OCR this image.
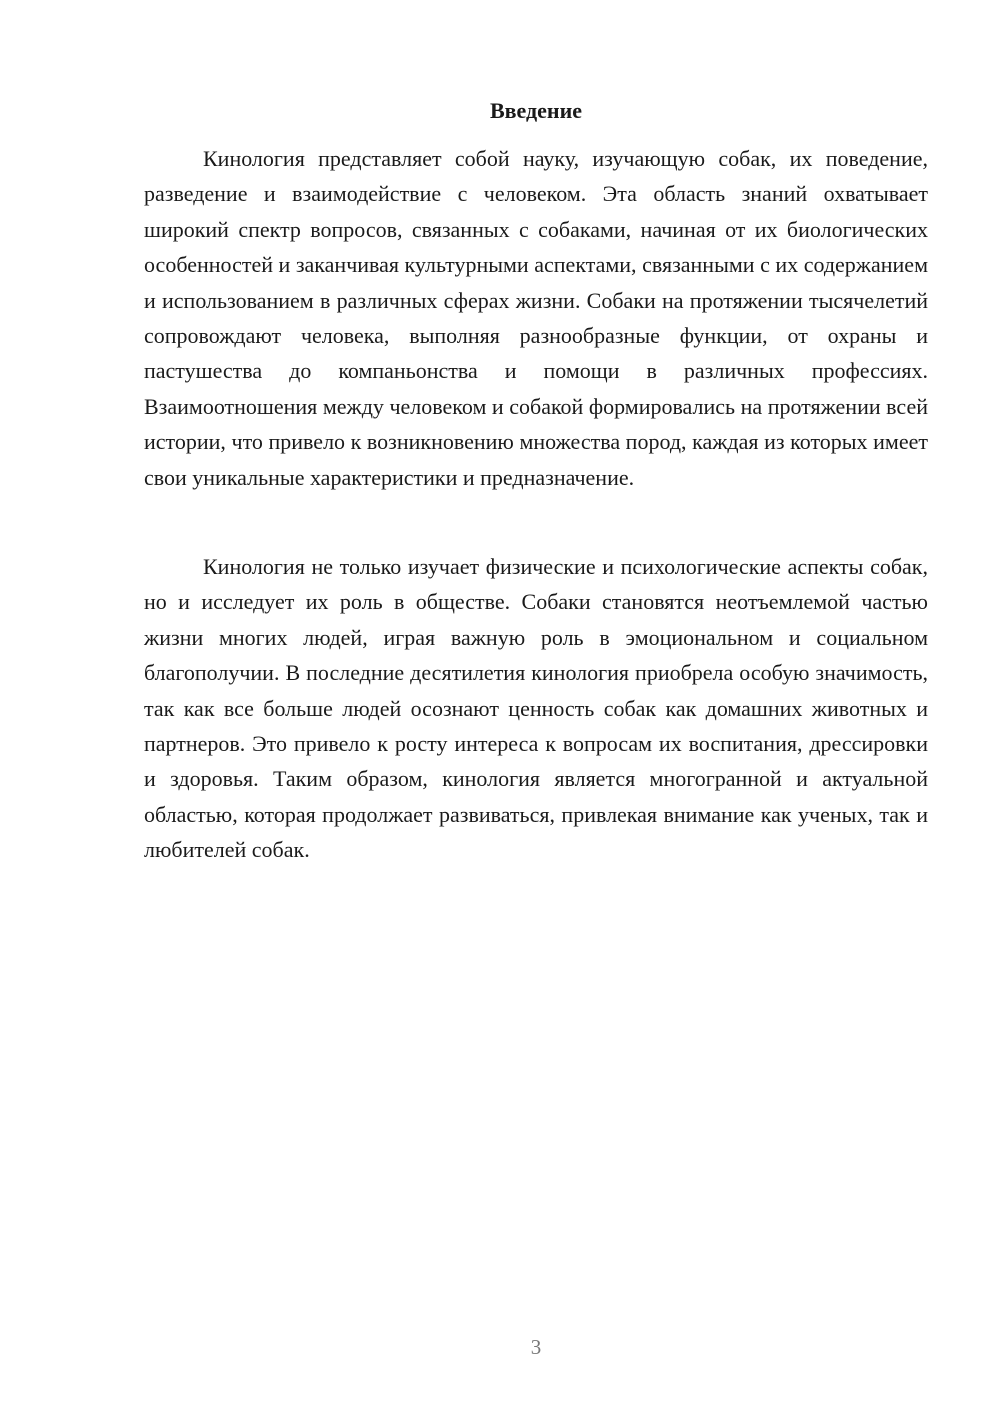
Введение

Кинология представляет собой науку, изучающую собак, их поведение, разведение и взаимодействие с человеком. Эта область знаний охватывает широкий спектр вопросов, связанных с собаками, начиная от их биологических особенностей и заканчивая культурными аспектами, связанными с их содержанием и использованием в различных сферах жизни. Собаки на протяжении тысячелетий сопровождают человека, выполняя разнообразные функции, от охраны и пастушества до компаньонства и помощи в различных профессиях. Взаимоотношения между человеком и собакой формировались на протяжении всей истории, что привело к возникновению множества пород, каждая из которых имеет свои уникальные характеристики и предназначение.

Кинология не только изучает физические и психологические аспекты собак, но и исследует их роль в обществе. Собаки становятся неотъемлемой частью жизни многих людей, играя важную роль в эмоциональном и социальном благополучии. В последние десятилетия кинология приобрела особую значимость, так как все больше людей осознают ценность собак как домашних животных и партнеров. Это привело к росту интереса к вопросам их воспитания, дрессировки и здоровья. Таким образом, кинология является многогранной и актуальной областью, которая продолжает развиваться, привлекая внимание как ученых, так и любителей собак.

3
